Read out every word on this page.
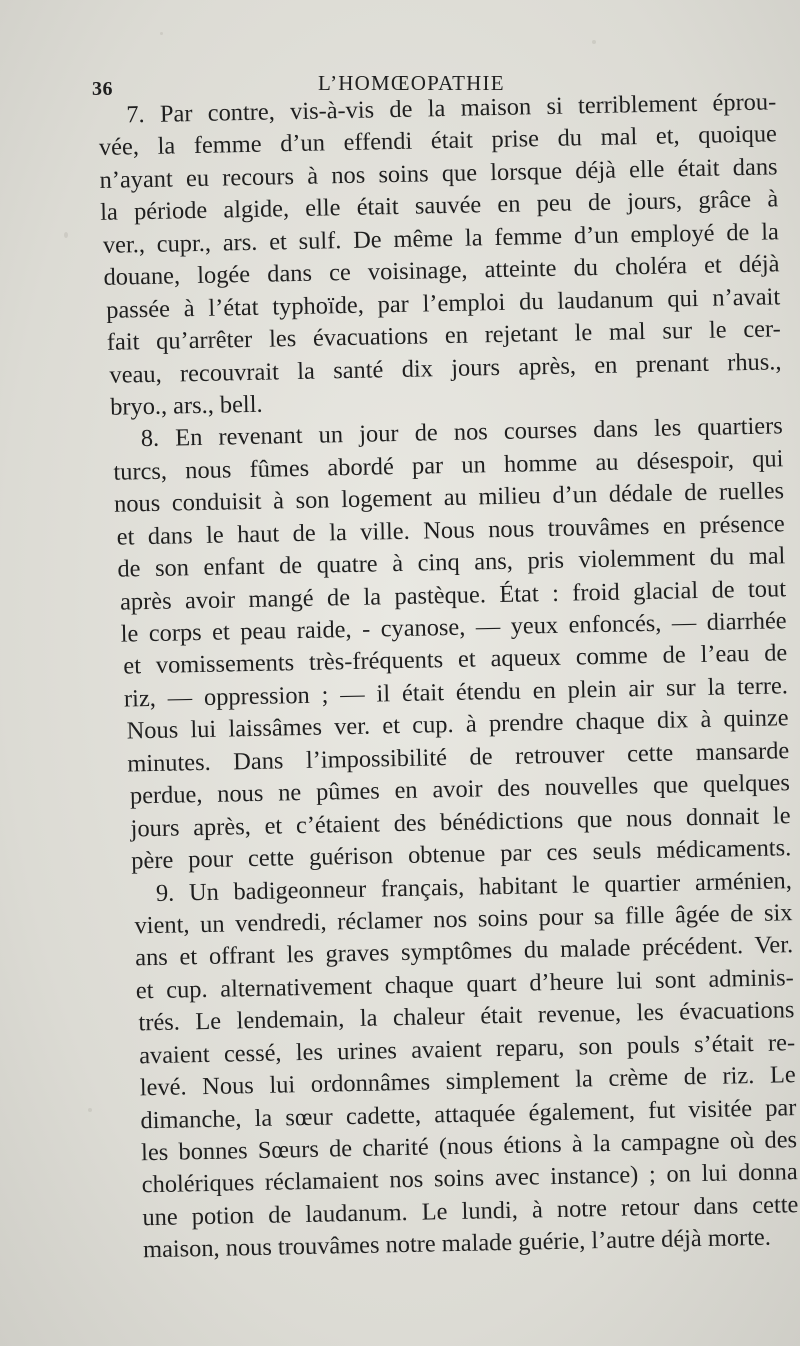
36	L’HOMŒOPATHIE
7. Par contre, vis-à-vis de la maison si terriblement éprou-
vée, la femme d’un effendi était prise du mal et, quoique
n’ayant eu recours à nos soins que lorsque déjà elle était dans
la période algide, elle était sauvée en peu de jours, grâce à
ver., cupr., ars. et sulf. De même la femme d’un employé de la
douane, logée dans ce voisinage, atteinte du choléra et déjà
passée à l’état typhoïde, par l’emploi du laudanum qui n’avait
fait qu’arrêter les évacuations en rejetant le mal sur le cer-
veau, recouvrait la santé dix jours après, en prenant rhus.,
bryo., ars., bell.
8. En revenant un jour de nos courses dans les quartiers
turcs, nous fûmes abordé par un homme au désespoir, qui
nous conduisit à son logement au milieu d’un dédale de ruelles
et dans le haut de la ville. Nous nous trouvâmes en présence
de son enfant de quatre à cinq ans, pris violemment du mal
après avoir mangé de la pastèque. État : froid glacial de tout
le corps et peau raide, - cyanose, — yeux enfoncés, — diarrhée
et vomissements très-fréquents et aqueux comme de l’eau de
riz, — oppression ; — il était étendu en plein air sur la terre.
Nous lui laissâmes ver. et cup. à prendre chaque dix à quinze
minutes. Dans l’impossibilité de retrouver cette mansarde
perdue, nous ne pûmes en avoir des nouvelles que quelques
jours après, et c’étaient des bénédictions que nous donnait le
père pour cette guérison obtenue par ces seuls médicaments.
9. Un badigeonneur français, habitant le quartier arménien,
vient, un vendredi, réclamer nos soins pour sa fille âgée de six
ans et offrant les graves symptômes du malade précédent. Ver.
et cup. alternativement chaque quart d’heure lui sont adminis-
trés. Le lendemain, la chaleur était revenue, les évacuations
avaient cessé, les urines avaient reparu, son pouls s’était re-
levé. Nous lui ordonnâmes simplement la crème de riz. Le
dimanche, la sœur cadette, attaquée également, fut visitée par
les bonnes Sœurs de charité (nous étions à la campagne où des
cholériques réclamaient nos soins avec instance) ; on lui donna
une potion de laudanum. Le lundi, à notre retour dans cette
maison, nous trouvâmes notre malade guérie, l’autre déjà morte.
